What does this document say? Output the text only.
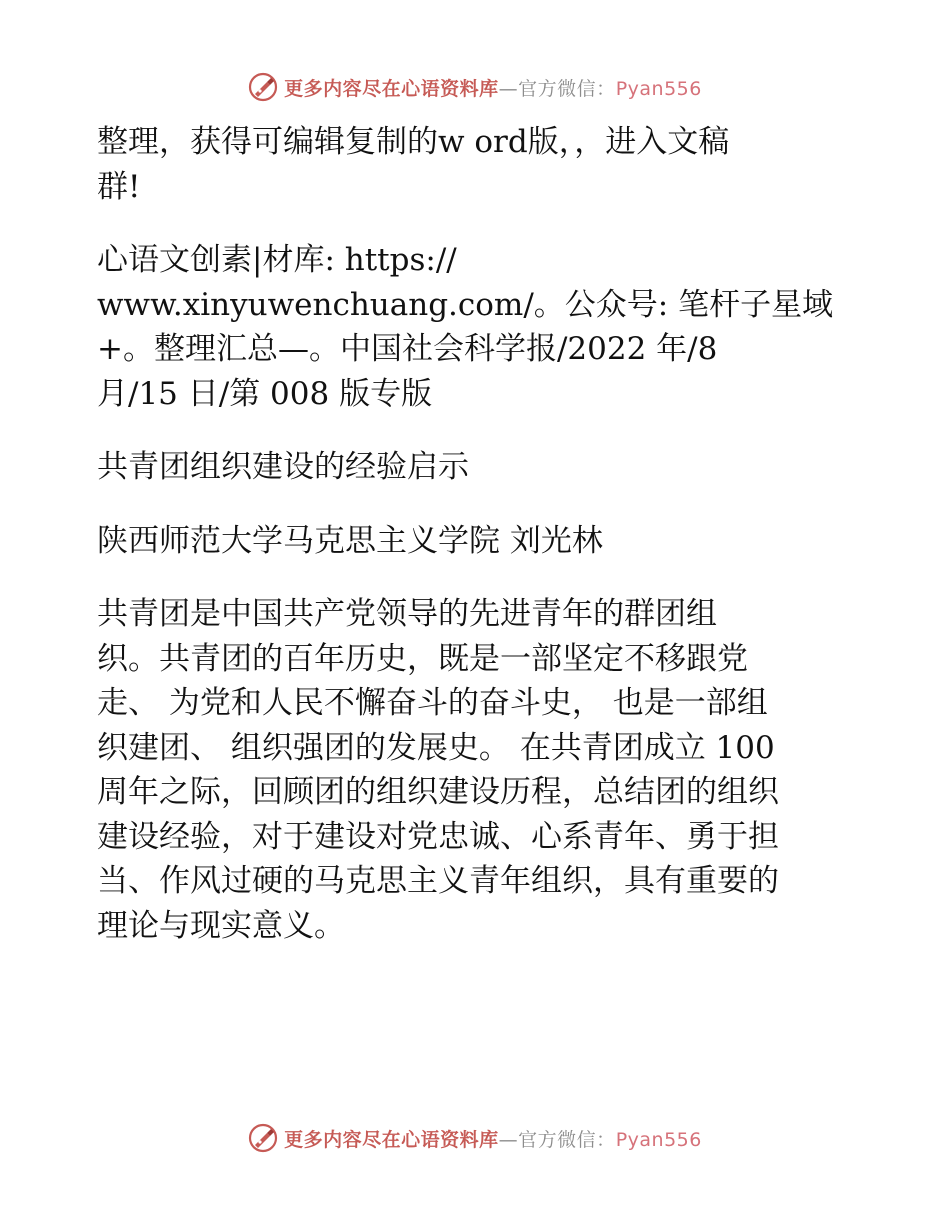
更多内容尽在心语资料库—官方微信：Pyan556

整理，获得可编辑复制的w ord版，，进入文稿

群!

心语文创素|材库: https://

www.xinyuwenchuang.com/。公众号: 笔杆子星域

+。整理汇总—。中国社会科学报/2022 年/8

月/15 日/第 008 版专版

共青团组织建设的经验启示

陕西师范大学马克思主义学院 刘光林

共青团是中国共产党领导的先进青年的群团组

织。共青团的百年历史，既是一部坚定不移跟党

走、 为党和人民不懈奋斗的奋斗史， 也是一部组

织建团、 组织强团的发展史。 在共青团成立 100

周年之际，回顾团的组织建设历程，总结团的组织

建设经验，对于建设对党忠诚、心系青年、勇于担

当、作风过硬的马克思主义青年组织，具有重要的

理论与现实意义。

更多内容尽在心语资料库—官方微信：Pyan556
